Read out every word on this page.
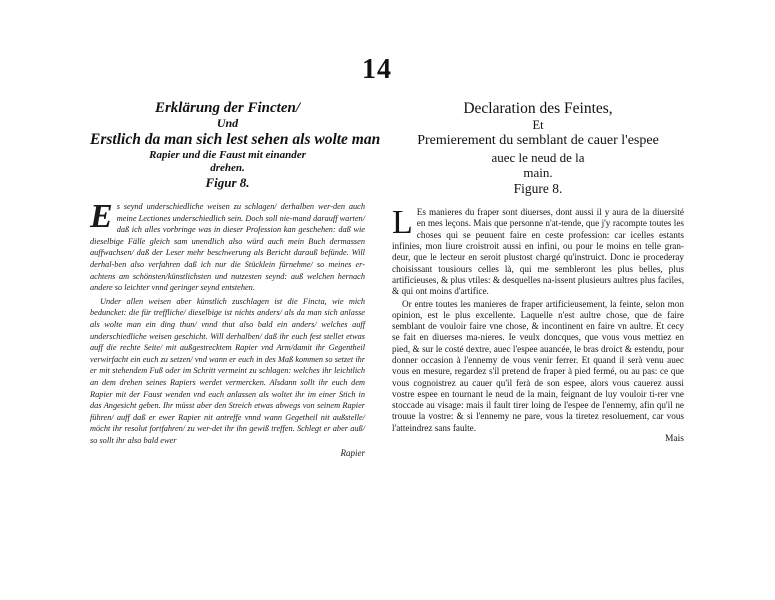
14
Erklärung der Fincten/
Und
Erstlich da man sich lest sehen als wolte man
Rapier und die Faust mit einander
drehen.
Figur 8.

Es seynd underschiedliche weisen zu schlagen/ derhalben wer-den auch meine Lectiones underschiedlich sein. Doch soll nie-mand darauff warten/ daß ich alles vorbringe was in dieser Profession kan geschehen: daß wie dieselbige Fälle gleich sam unendlich also würd auch mein Buch dermassen auffwachsen/ daß der Leser mehr beschwerung als Bericht darauß befünde. Will derhal-ben also verfahren daß ich nur die Stücklein fürnehme/ so meines er-achtens am schönsten/künstlichsten und nutzesten seynd: auß welchen hernach andere so leichter vnnd geringer seynd entstehen.

Under allen weisen aber künstlich zuschlagen ist die Fincta, wie mich beduncket: die für treffliche/ dieselbige ist nichts anders/ als da man sich anlasse als wolte man ein ding thun/ vnnd thut also bald ein anders/ welches auff underschiedliche weisen geschicht. Will derhalben/ daß ihr euch fest stellet etwas auff die rechte Seite/ mit außgestrecktem Rapier vnd Arm/damit ihr Gegentheil verwirfacht ein euch zu setzen/ vnd wann er euch in des Maß kommen so setzet ihr er mit stehendem Fuß oder im Schritt vermeint zu schlagen: welches ihr leichtlich an dem drehen seines Rapiers werdet vermercken. Alsdann sollt ihr euch dem Rapier mit der Faust wenden vnd euch anlassen als woltet ihr im einer Stich in das Angesicht geben. Ihr müsst aber den Streich etwas abwegs von seinem Rapier führen/ auff daß er ewer Rapier nit antreffe vnnd wann Gegetheil nit außstelle/ möcht ihr resolut fortfahren/ zu wer-det ihr ihn gewiß treffen. Schlegt er aber auß/ so sollt ihr also bald ewer

Rapier
Declaration des Feintes,
Et
Premierement du semblant de cauer l'espee
auec le neud de la
main.
Figure 8.

L Es manieres du fraper sont diuerses, dont aussi il y aura de la diuersité en mes leçons. Mais que personne n'at-tende, que j'y racompte toutes les choses qui se peuuent faire en ceste profession: car icelles estants infinies, mon liure croistroit aussi en infini, ou pour le moins en telle gran-deur, que le lecteur en seroit plustost chargé qu'instruict. Donc ie procederay choisissant tousiours celles là, qui me sembleront les plus belles, plus artificieuses, & plus vtiles: & desquelles na-issent plusieurs aultres plus faciles, & qui ont moins d'artifice.

Or entre toutes les manieres de fraper artificieusement, la feinte, selon mon opinion, est le plus excellente. Laquelle n'est aultre chose, que de faire semblant de vouloir faire vne chose, & incontinent en faire vn aultre. Et cecy se fait en diuerses ma-nieres. Ie veulx doncques, que vous vous mettiez en pied, & sur le costé dextre, auec l'espee auancée, le bras droict & estendu, pour donner occasion à l'ennemy de vous venir ferrer. Et quand il serà venu auec vous en mesure, regardez s'il pretend de fraper à pied fermé, ou au pas: ce que vous cognoistrez au cauer qu'il ferà de son espee, alors vous cauerez aussi vostre espee en tournant le neud de la main, feignant de luy vouloir ti-rer vne stoccade au visage: mais il fault tirer loing de l'espee de l'ennemy, afin qu'il ne trouue la vostre: & si l'ennemy ne pare, vous la tiretez resoluement, car vous l'atteindrez sans faulte.

Mais
